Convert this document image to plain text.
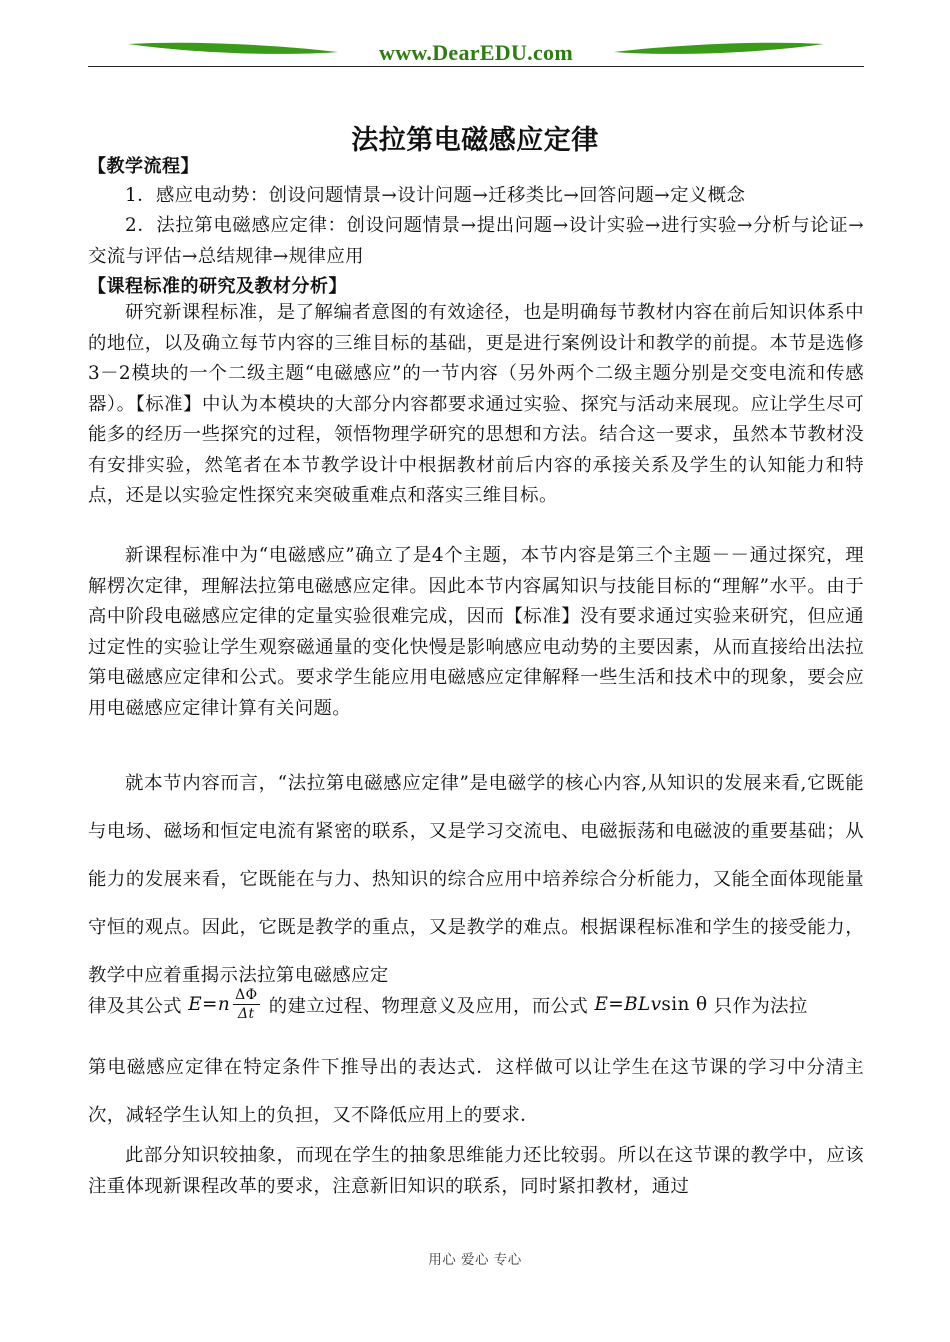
www.DearEDU.com
法拉第电磁感应定律
【教学流程】
1．感应电动势：创设问题情景→设计问题→迁移类比→回答问题→定义概念
2．法拉第电磁感应定律：创设问题情景→提出问题→设计实验→进行实验→分析与论证→交流与评估→总结规律→规律应用
【课程标准的研究及教材分析】
研究新课程标准，是了解编者意图的有效途径，也是明确每节教材内容在前后知识体系中的地位，以及确立每节内容的三维目标的基础，更是进行案例设计和教学的前提。本节是选修3－2模块的一个二级主题“电磁感应”的一节内容（另外两个二级主题分别是交变电流和传感器）。【标准】中认为本模块的大部分内容都要求通过实验、探究与活动来展现。应让学生尽可能多的经历一些探究的过程，领悟物理学研究的思想和方法。结合这一要求，虽然本节教材没有安排实验，然笔者在本节教学设计中根据教材前后内容的承接关系及学生的认知能力和特点，还是以实验定性探究来突破重难点和落实三维目标。
新课程标准中为“电磁感应”确立了是4个主题，本节内容是第三个主题－－通过探究，理解楞次定律，理解法拉第电磁感应定律。因此本节内容属知识与技能目标的“理解”水平。由于高中阶段电磁感应定律的定量实验很难完成，因而【标准】没有要求通过实验来研究，但应通过定性的实验让学生观察磁通量的变化快慢是影响感应电动势的主要因素，从而直接给出法拉第电磁感应定律和公式。要求学生能应用电磁感应定律解释一些生活和技术中的现象，要会应用电磁感应定律计算有关问题。
就本节内容而言，“法拉第电磁感应定律”是电磁学的核心内容,从知识的发展来看,它既能与电场、磁场和恒定电流有紧密的联系，又是学习交流电、电磁振荡和电磁波的重要基础；从能力的发展来看，它既能在与力、热知识的综合应用中培养综合分析能力，又能全面体现能量守恒的观点。因此，它既是教学的重点，又是教学的难点。根据课程标准和学生的接受能力，教学中应着重揭示法拉第电磁感应定
律及其公式 $E=n \frac{\Delta\Phi}{\Delta t}$ 的建立过程、物理意义及应用，而公式 E=BLvsin θ 只作为法拉
第电磁感应定律在特定条件下推导出的表达式．这样做可以让学生在这节课的学习中分清主次，减轻学生认知上的负担，又不降低应用上的要求．
此部分知识较抽象，而现在学生的抽象思维能力还比较弱。所以在这节课的教学中，应该注重体现新课程改革的要求，注意新旧知识的联系，同时紧扣教材，通过
用心 爱心 专心
